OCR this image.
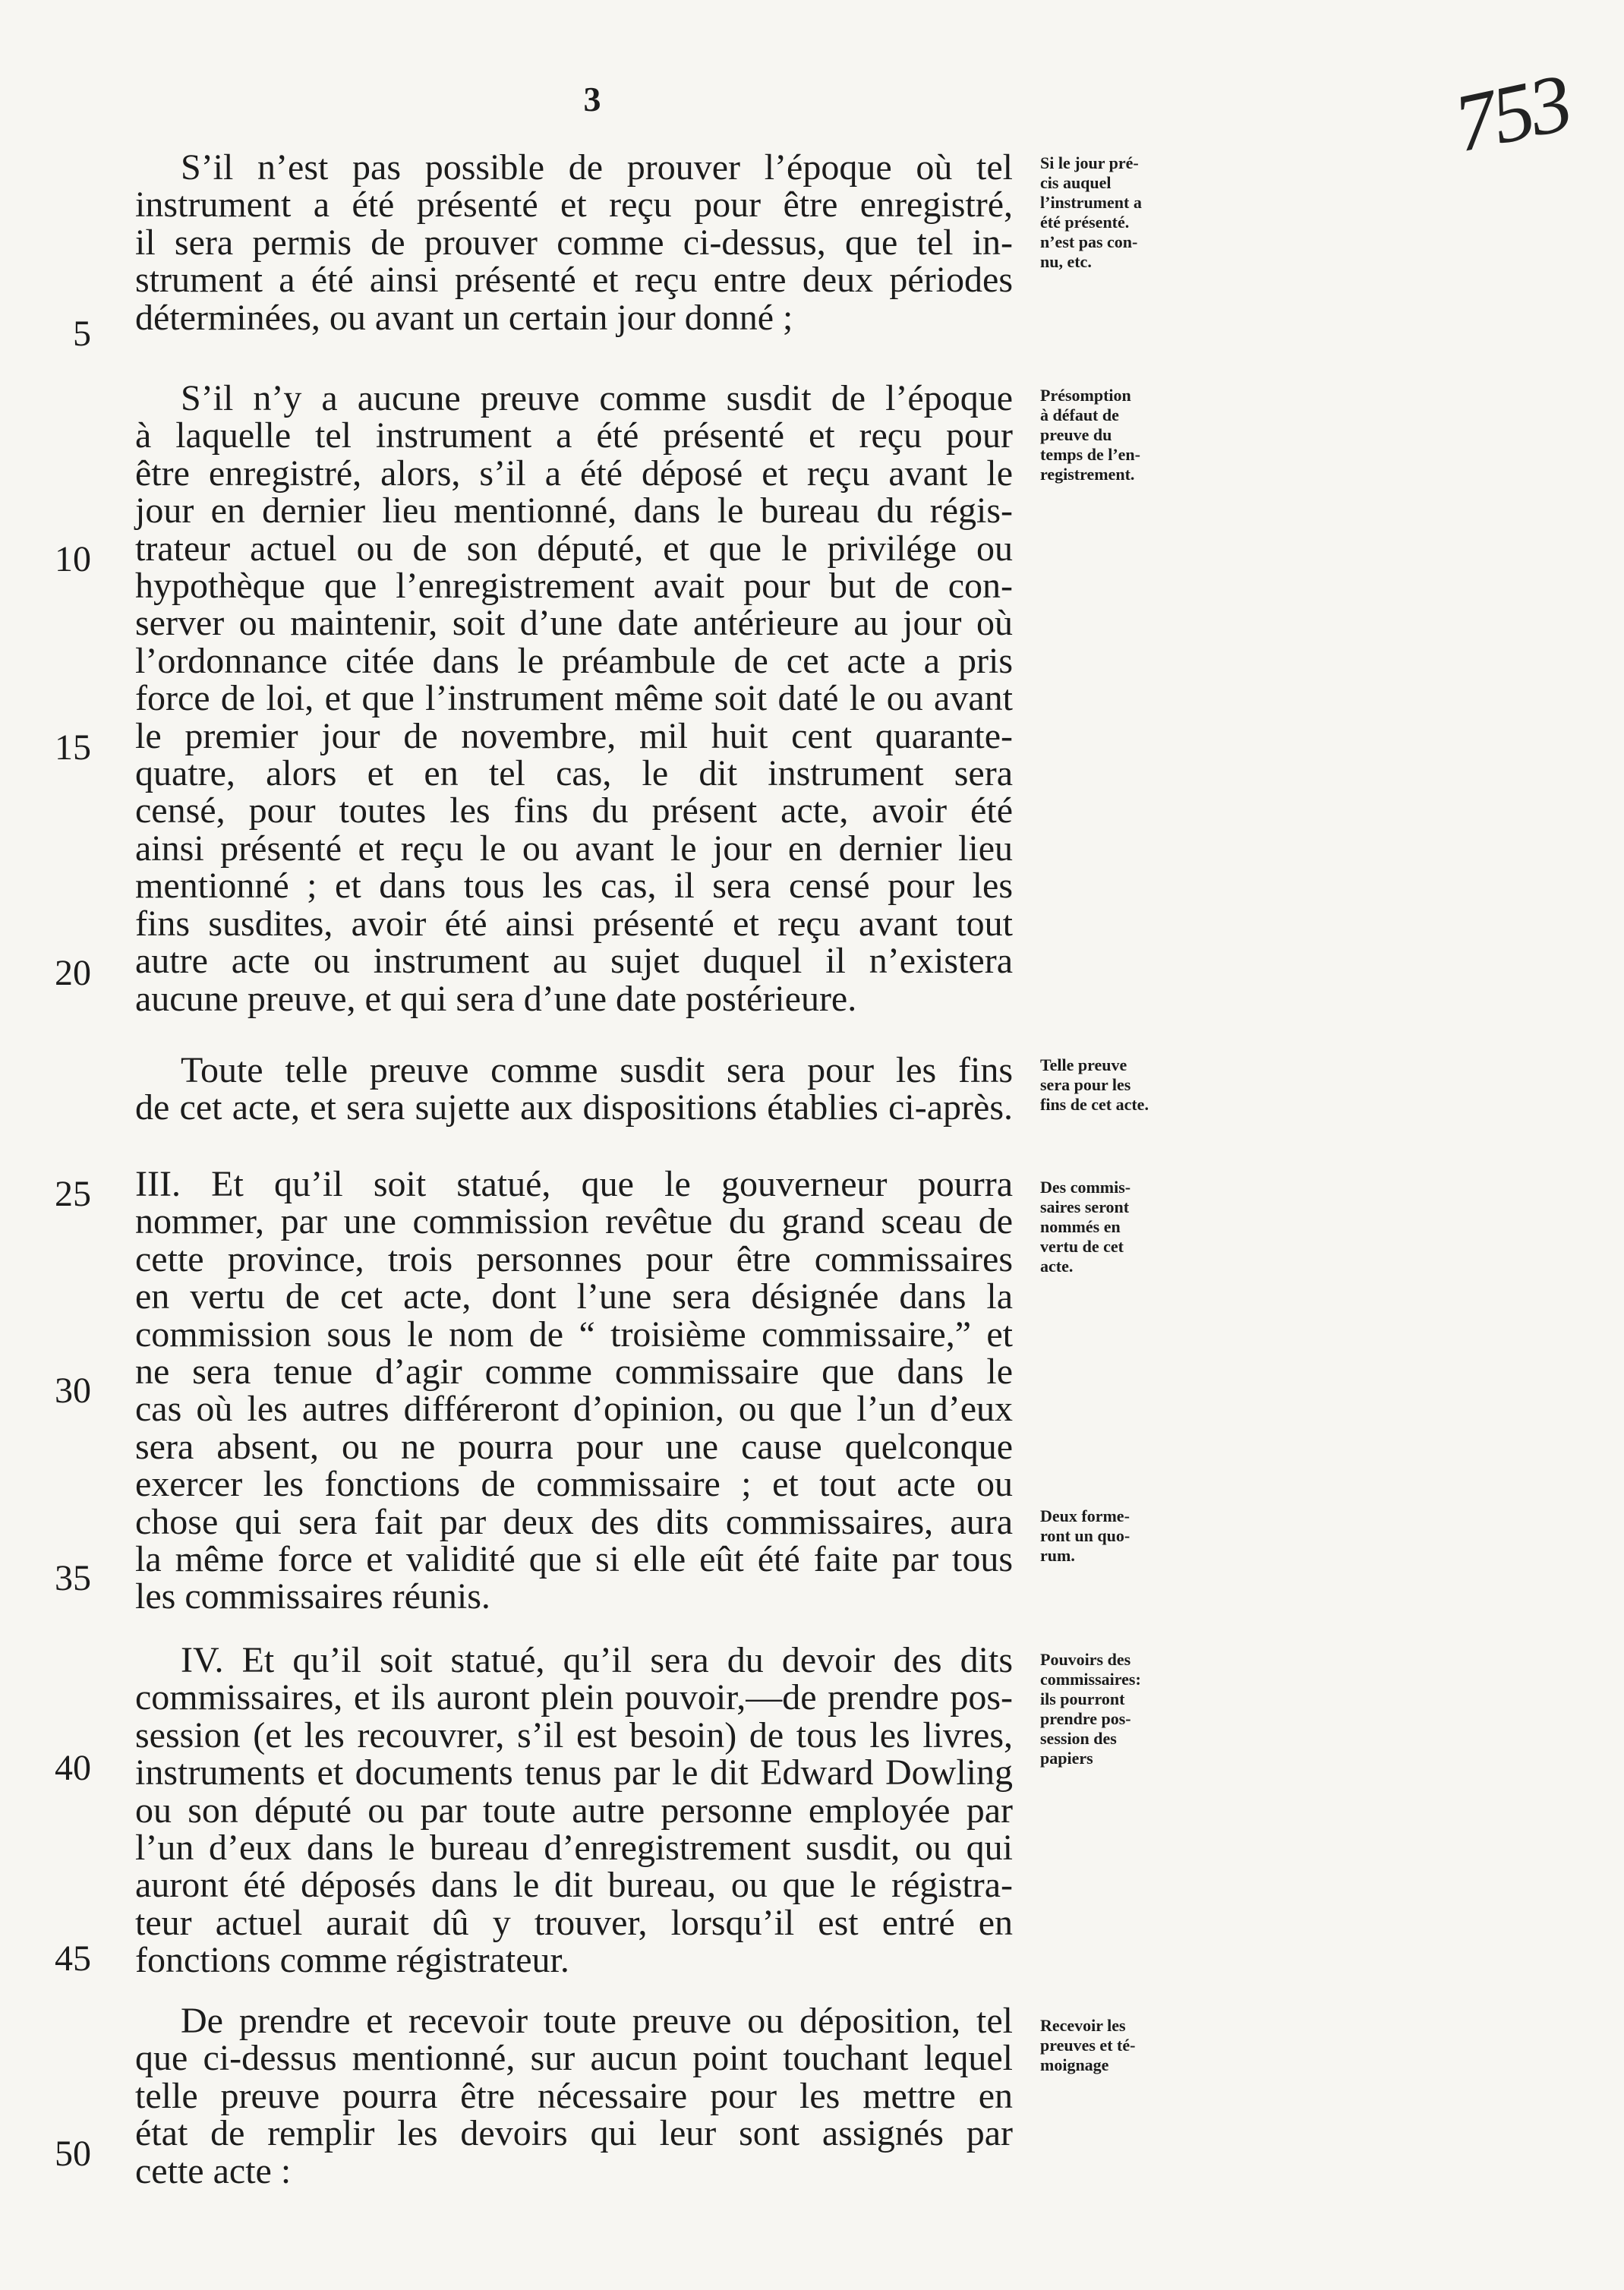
3	753
S’il n’est pas possible de prouver l’époque où tel
instrument a été présenté et reçu pour être enregistré,
il sera permis de prouver comme ci-dessus, que tel in-
strument a été ainsi présenté et reçu entre deux périodes
déterminées, ou avant un certain jour donné ;
S’il n’y a aucune preuve comme susdit de l’époque
à laquelle tel instrument a été présenté et reçu pour
être enregistré, alors, s’il a été déposé et reçu avant le
jour en dernier lieu mentionné, dans le bureau du régis-
trateur actuel ou de son député, et que le privilége ou
hypothèque que l’enregistrement avait pour but de con-
server ou maintenir, soit d’une date antérieure au jour où
l’ordonnance citée dans le préambule de cet acte a pris
force de loi, et que l’instrument même soit daté le ou avant
le premier jour de novembre, mil huit cent quarante-
quatre, alors et en tel cas, le dit instrument sera
censé, pour toutes les fins du présent acte, avoir été
ainsi présenté et reçu le ou avant le jour en dernier lieu
mentionné ; et dans tous les cas, il sera censé pour les
fins susdites, avoir été ainsi présenté et reçu avant tout
autre acte ou instrument au sujet duquel il n’existera
aucune preuve, et qui sera d’une date postérieure.
Toute telle preuve comme susdit sera pour les fins
de cet acte, et sera sujette aux dispositions établies ci-après.
III. Et qu’il soit statué, que le gouverneur pourra
nommer, par une commission revêtue du grand sceau de
cette province, trois personnes pour être commissaires
en vertu de cet acte, dont l’une sera désignée dans la
commission sous le nom de “ troisième commissaire,” et
ne sera tenue d’agir comme commissaire que dans le
cas où les autres différeront d’opinion, ou que l’un d’eux
sera absent, ou ne pourra pour une cause quelconque
exercer les fonctions de commissaire ; et tout acte ou
chose qui sera fait par deux des dits commissaires, aura
la même force et validité que si elle eût été faite par tous
les commissaires réunis.
IV. Et qu’il soit statué, qu’il sera du devoir des dits
commissaires, et ils auront plein pouvoir,—de prendre pos-
session (et les recouvrer, s’il est besoin) de tous les livres,
instruments et documents tenus par le dit Edward Dowling
ou son député ou par toute autre personne employée par
l’un d’eux dans le bureau d’enregistrement susdit, ou qui
auront été déposés dans le dit bureau, ou que le régistra-
teur actuel aurait dû y trouver, lorsqu’il est entré en
fonctions comme régistrateur.
De prendre et recevoir toute preuve ou déposition, tel
que ci-dessus mentionné, sur aucun point touchant lequel
telle preuve pourra être nécessaire pour les mettre en
état de remplir les devoirs qui leur sont assignés par
cette acte :
5
10
15
20
25
30
35
40
45
50
Si le jour pré-
cis auquel
l’instrument a
été présenté.
n’est pas con-
nu, etc.
Présomption
à défaut de
preuve du
temps de l’en-
registrement.
Telle preuve
sera pour les
fins de cet acte.
Des commis-
saires seront
nommés en
vertu de cet
acte.
Deux forme-
ront un quo-
rum.
Pouvoirs des
commissaires:
ils pourront
prendre pos-
session des
papiers
Recevoir les
preuves et té-
moignage
